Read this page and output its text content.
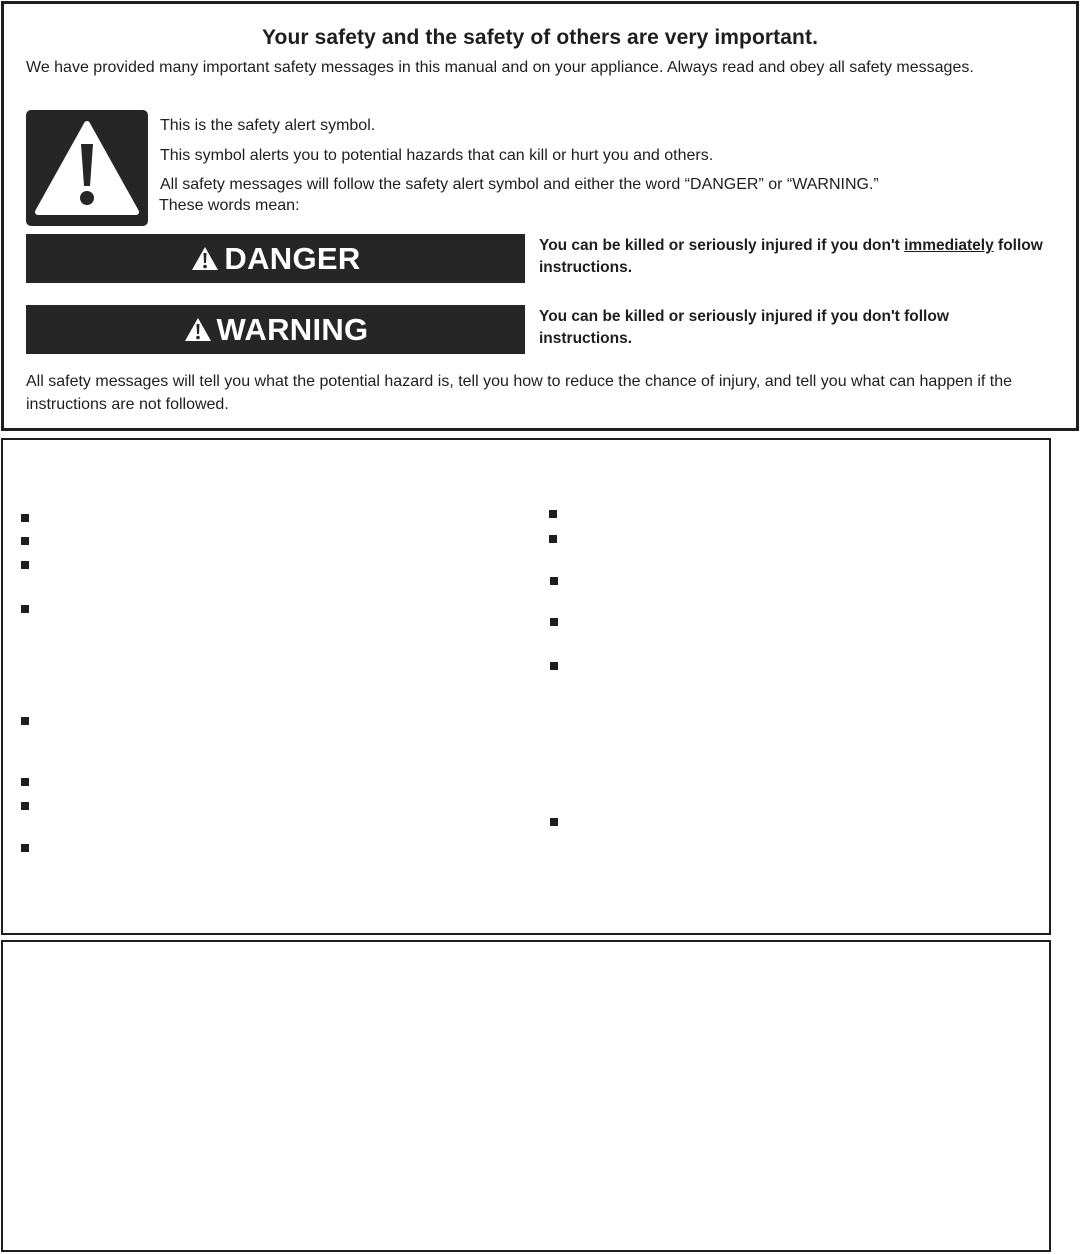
Your safety and the safety of others are very important.
We have provided many important safety messages in this manual and on your appliance. Always read and obey all safety messages.
This is the safety alert symbol.
This symbol alerts you to potential hazards that can kill or hurt you and others.
All safety messages will follow the safety alert symbol and either the word “DANGER” or “WARNING.”
These words mean:
DANGER	You can be killed or seriously injured if you don't immediately follow instructions.
WARNING	You can be killed or seriously injured if you don't follow instructions.
All safety messages will tell you what the potential hazard is, tell you how to reduce the chance of injury, and tell you what can happen if the instructions are not followed.
